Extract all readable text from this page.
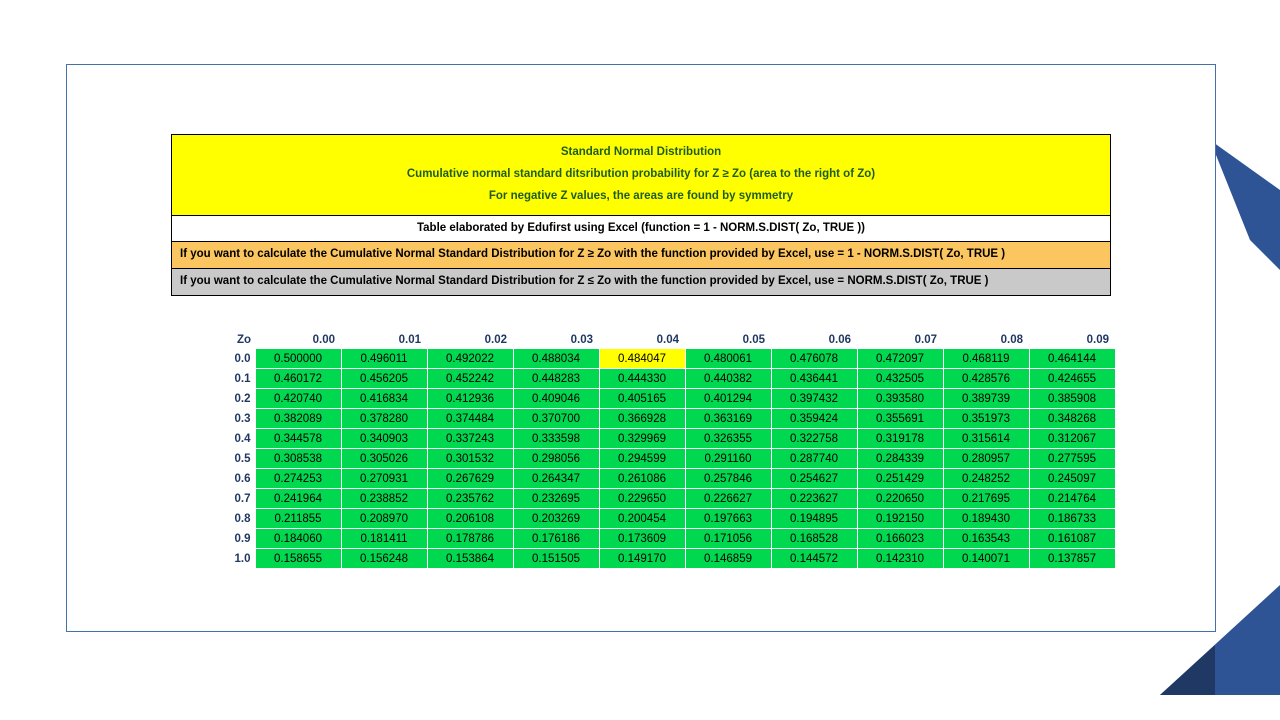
Standard Normal Distribution
Cumulative normal standard ditsribution probability for Z ≥ Zo (area to the right of Zo)
For negative Z values, the areas are found by symmetry
Table elaborated by Edufirst using Excel (function = 1 - NORM.S.DIST( Zo, TRUE ))
If you want to calculate the Cumulative Normal Standard Distribution for Z ≥ Zo with the function provided by Excel, use = 1 - NORM.S.DIST( Zo, TRUE )
If you want to calculate the Cumulative Normal Standard Distribution for Z ≤ Zo with the function provided by Excel, use = NORM.S.DIST( Zo, TRUE )
Zo	0.00	0.01	0.02	0.03	0.04	0.05	0.06	0.07	0.08	0.09
0.0	0.500000	0.496011	0.492022	0.488034	0.484047	0.480061	0.476078	0.472097	0.468119	0.464144
0.1	0.460172	0.456205	0.452242	0.448283	0.444330	0.440382	0.436441	0.432505	0.428576	0.424655
0.2	0.420740	0.416834	0.412936	0.409046	0.405165	0.401294	0.397432	0.393580	0.389739	0.385908
0.3	0.382089	0.378280	0.374484	0.370700	0.366928	0.363169	0.359424	0.355691	0.351973	0.348268
0.4	0.344578	0.340903	0.337243	0.333598	0.329969	0.326355	0.322758	0.319178	0.315614	0.312067
0.5	0.308538	0.305026	0.301532	0.298056	0.294599	0.291160	0.287740	0.284339	0.280957	0.277595
0.6	0.274253	0.270931	0.267629	0.264347	0.261086	0.257846	0.254627	0.251429	0.248252	0.245097
0.7	0.241964	0.238852	0.235762	0.232695	0.229650	0.226627	0.223627	0.220650	0.217695	0.214764
0.8	0.211855	0.208970	0.206108	0.203269	0.200454	0.197663	0.194895	0.192150	0.189430	0.186733
0.9	0.184060	0.181411	0.178786	0.176186	0.173609	0.171056	0.168528	0.166023	0.163543	0.161087
1.0	0.158655	0.156248	0.153864	0.151505	0.149170	0.146859	0.144572	0.142310	0.140071	0.137857
